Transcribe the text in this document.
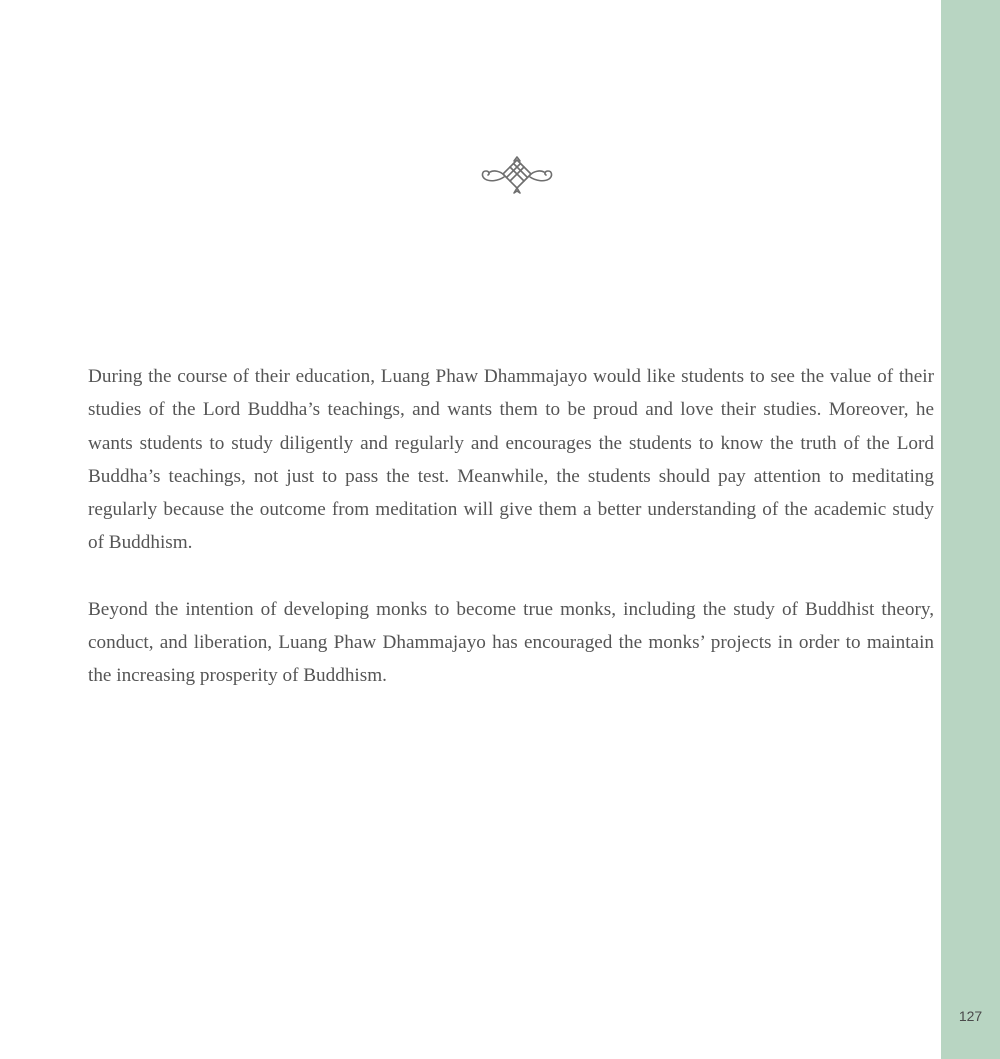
During the course of their education, Luang Phaw Dhammajayo would like students to see the value of their studies of the Lord Buddha’s teachings, and wants them to be proud and love their studies. Moreover, he wants students to study diligently and regularly and encourages the students to know the truth of the Lord Buddha’s teachings, not just to pass the test. Meanwhile, the students should pay attention to meditating regularly because the outcome from meditation will give them a better understanding of the academic study of Buddhism.

Beyond the intention of developing monks to become true monks, including the study of Buddhist theory, conduct, and liberation, Luang Phaw Dhammajayo has encouraged the monks’ projects in order to maintain the increasing prosperity of Buddhism.

127
